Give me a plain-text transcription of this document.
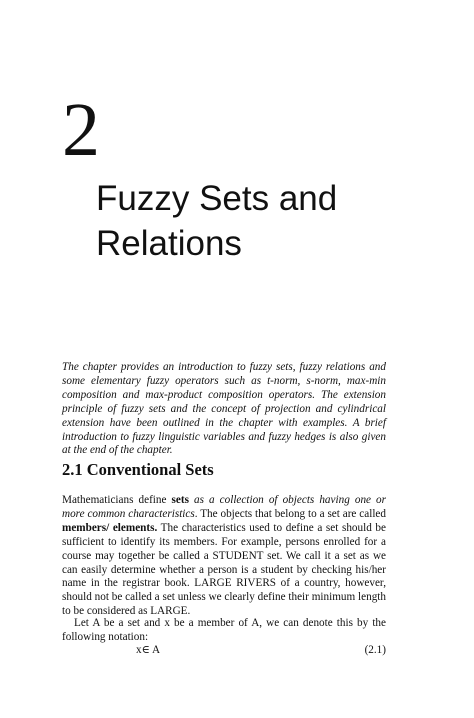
2
Fuzzy Sets and
Relations

The chapter provides an introduction to fuzzy sets, fuzzy relations and some elementary fuzzy operators such as t-norm, s-norm, max-min composition and max-product composition operators. The extension principle of fuzzy sets and the concept of projection and cylindrical extension have been outlined in the chapter with examples. A brief introduction to fuzzy linguistic variables and fuzzy hedges is also given at the end of the chapter.

2.1 Conventional Sets

Mathematicians define sets as a collection of objects having one or more common characteristics. The objects that belong to a set are called members/ elements. The characteristics used to define a set should be sufficient to identify its members. For example, persons enrolled for a course may together be called a STUDENT set. We call it a set as we can easily determine whether a person is a student by checking his/her name in the registrar book. LARGE RIVERS of a country, however, should not be called a set unless we clearly define their minimum length to be considered as LARGE.

Let A be a set and x be a member of A, we can denote this by the following notation:

x∈ A	(2.1)
